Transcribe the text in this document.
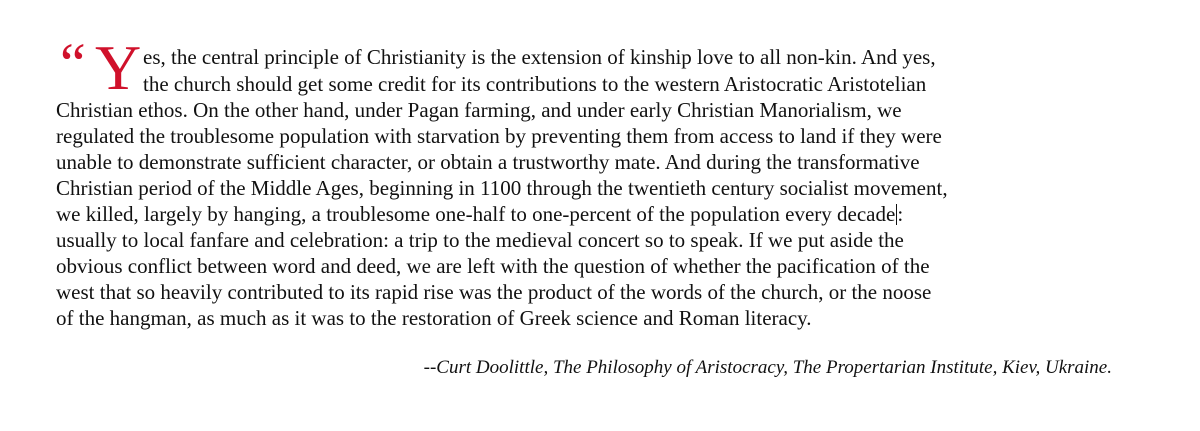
“ Y es, the central principle of Christianity is the extension of kinship love to all non-kin. And yes,
the church should get some credit for its contributions to the western Aristocratic Aristotelian
Christian ethos. On the other hand, under Pagan farming, and under early Christian Manorialism, we
regulated the troublesome population with starvation by preventing them from access to land if they were
unable to demonstrate sufficient character, or obtain a trustworthy mate. And during the transformative
Christian period of the Middle Ages, beginning in 1100 through the twentieth century socialist movement,
we killed, largely by hanging, a troublesome one-half to one-percent of the population every decade:
usually to local fanfare and celebration: a trip to the medieval concert so to speak. If we put aside the
obvious conflict between word and deed, we are left with the question of whether the pacification of the
west that so heavily contributed to its rapid rise was the product of the words of the church, or the noose
of the hangman, as much as it was to the restoration of Greek science and Roman literacy.
--Curt Doolittle, The Philosophy of Aristocracy, The Propertarian Institute, Kiev, Ukraine.
